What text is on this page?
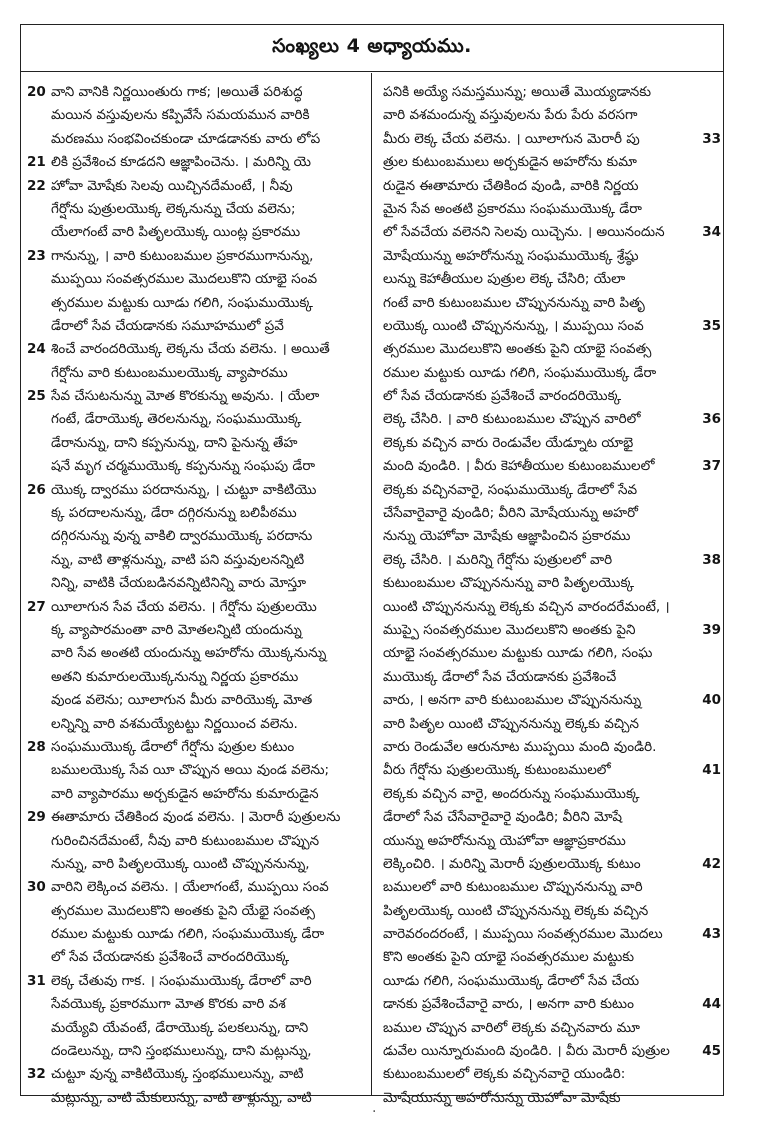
సంఖ్యలు 4 అధ్యాయము.
20 వాని వానికి నిర్ణయింతురు గాక; ।అయితే పరిశుద్ధ
మయిన వస్తువులను కప్పివేసే సమయమున వారికి
మరణము సంభవించకుండా చూడడానకు వారు లోప
21 లికి ప్రవేశించ కూడదని ఆజ్ఞాపించెను. । మరిన్ని యె
22 హోవా మోషేకు సెలవు యిచ్చినదేమంటే, । నీవు
గేర్షోను పుత్రులయొక్క లెక్కనున్ను చేయ వలెను;
యేలాగంటే వారి పితృలయొక్క యింట్ల ప్రకారము
23 గానున్ను, । వారి కుటుంబముల ప్రకారముగానున్ను,
ముప్పయి సంవత్సరముల మొదలుకొని యాభై సంవ
త్సరముల మట్టుకు యీడు గలిగి, సంఘముయొక్క
డేరాలో సేవ చేయడానకు సమూహములో ప్రవే
24 శించే వారందరియొక్క లెక్కను చేయ వలెను. । అయితే
గేర్షోను వారి కుటుంబములయొక్క వ్యాపారము
25 సేవ చేసుటనున్ను మోత కొరకున్ను అవును. । యేలా
గంటే, డేరాయొక్క తెరలనున్ను, సంఘముయొక్క
డేరానున్ను, దాని కప్పనున్ను, దాని పైనున్న తేహ
షనే మృగ చర్మముయొక్క కప్పనున్ను సంఘపు డేరా
26 యొక్క ద్వారము పరదానున్ను, । చుట్టూ వాకిటియొ
క్క పరదాలనున్ను, డేరా దగ్గిరనున్ను బలిపీఠము
దగ్గిరనున్ను వున్న వాకిలి ద్వారముయొక్క పరదాను
న్ను, వాటి తాళ్లనున్ను, వాటి పని వస్తువులనన్నిటి
నిన్ని, వాటికి చేయబడినవన్నిటినిన్ని వారు మోస్తూ
27 యీలాగున సేవ చేయ వలెను. । గేర్షోను పుత్రులయొ
క్క వ్యాపారమంతా వారి మోతలన్నిటి యందున్ను
వారి సేవ అంతటి యందున్ను అహరోను యొక్కనున్ను
అతని కుమారులయొక్కనున్ను నిర్ణయ ప్రకారము
వుండ వలెను; యీలాగున మీరు వారియొక్క మోత
లన్నిన్ని వారి వశమయ్యేటట్టు నిర్ణయించ వలెను.
28 సంఘముయొక్క డేరాలో గేర్షోను పుత్రుల కుటుం
బములయొక్క సేవ యీ చొప్పున అయి వుండ వలెను;
వారి వ్యాపారము అర్చకుడైన అహరోను కుమారుడైన
29 ఈతామారు చేతికింద వుండ వలెను. । మెరారీ పుత్రులను
గురించినదేమంటే, నీవు వారి కుటుంబముల చొప్పున
నున్ను, వారి పితృలయొక్క యింటి చొప్పుననున్ను,
30 వారిని లెక్కించ వలెను. । యేలాగంటే, ముప్పయి సంవ
త్సరముల మొదలుకొని అంతకు పైని యేభై సంవత్స
రముల మట్టుకు యీడు గలిగి, సంఘముయొక్క డేరా
లో సేవ చేయడానకు ప్రవేశించే వారందరియొక్క
31 లెక్క చేతువు గాక. । సంఘముయొక్క డేరాలో వారి
సేవయొక్క ప్రకారముగా మోత కొరకు వారి వశ
మయ్యేవి యేవంటే, డేరాయొక్క పలకలున్ను, దాని
దండెలున్ను, దాని స్తంభములున్ను, దాని మట్లున్ను,
32 చుట్టూ వున్న వాకిటియొక్క స్తంభములున్ను, వాటి
మట్లున్ను, వాటి మేకులున్ను, వాటి తాళ్లున్ను, వాటి
పనికి అయ్యే సమస్తమున్ను; అయితే మొయ్యడానకు
వారి వశమందున్న వస్తువులను పేరు పేరు వరసగా
33
మీరు లెక్క చేయ వలెను. । యీలాగున మెరారీ పు
త్రుల కుటుంబములు అర్చకుడైన అహరోను కుమా
రుడైన ఈతామారు చేతికింద వుండి, వారికి నిర్ణయ
మైన సేవ అంతటి ప్రకారము సంఘముయొక్క డేరా
34
లో సేవచేయ వలెనని సెలవు యిచ్చెను. । అయినందున
మోషేయున్ను అహరోనున్ను సంఘముయొక్క శ్రేష్ఠు
లున్ను కెహాతీయుల పుత్రుల లెక్క చేసిరి; యేలా
గంటే వారి కుటుంబముల చొప్పుననున్ను వారి పితృ
35
లయొక్క యింటి చొప్పుననున్ను, । ముప్పయి సంవ
త్సరముల మొదలుకొని అంతకు పైని యాభై సంవత్స
రముల మట్టుకు యీడు గలిగి, సంఘముయొక్క డేరా
లో సేవ చేయడానకు ప్రవేశించే వారందరియొక్క
36
లెక్క చేసిరి. । వారి కుటుంబముల చొప్పున వారిలో
లెక్కకు వచ్చిన వారు రెండువేల యేడ్నూట యాభై
37
మంది వుండిరి. । వీరు కెహాతీయుల కుటుంబములలో
లెక్కకు వచ్చినవారై, సంఘముయొక్క డేరాలో సేవ
చేసేవారైవారై వుండిరి; వీరిని మోషేయున్ను అహరో
నున్ను యెహోవా మోషేకు ఆజ్ఞాపించిన ప్రకారము
38
లెక్క చేసిరి. । మరిన్ని గేర్షోను పుత్రులలో వారి
కుటుంబముల చొప్పుననున్ను వారి పితృలయొక్క
యింటి చొప్పుననున్ను లెక్కకు వచ్చిన వారందరేమంటే, ।
39
ముప్పై సంవత్సరముల మొదలుకొని అంతకు పైని
యాభై సంవత్సరముల మట్టుకు యీడు గలిగి, సంఘ
ముయొక్క డేరాలో సేవ చేయడానకు ప్రవేశించే
40
వారు, । అనగా వారి కుటుంబముల చొప్పుననున్ను
వారి పితృల యింటి చొప్పుననున్ను లెక్కకు వచ్చిన
వారు రెండువేల ఆరునూట ముప్పయి మంది వుండిరి.
41
వీరు గేర్షోను పుత్రులయొక్క కుటుంబములలో
లెక్కకు వచ్చిన వారై, అందరున్ను సంఘముయొక్క
డేరాలో సేవ చేసేవారైవారై వుండిరి; వీరిని మోషే
యున్ను అహరోనున్ను యెహోవా ఆజ్ఞాప్రకారము
42
లెక్కించిరి. । మరిన్ని మెరారీ పుత్రులయొక్క కుటుం
బములలో వారి కుటుంబముల చొప్పుననున్ను వారి
పితృలయొక్క యింటి చొప్పుననున్ను లెక్కకు వచ్చిన
43
వారెవరందరంటే, । ముప్పయి సంవత్సరముల మొదలు
కొని అంతకు పైని యాభై సంవత్సరముల మట్టుకు
యీడు గలిగి, సంఘముయొక్క డేరాలో సేవ చేయ
44
డానకు ప్రవేశించేవారై వారు, । అనగా వారి కుటుం
బముల చొప్పున వారిలో లెక్కకు వచ్చినవారు మూ
45
డువేల యిన్నూరుమంది వుండిరి. । వీరు మెరారీ పుత్రుల
కుటుంబములలో లెక్కకు వచ్చినవారై యుండిరి:
మోషేయున్ను అహరోనున్ను యెహోవా మోషేకు
·
